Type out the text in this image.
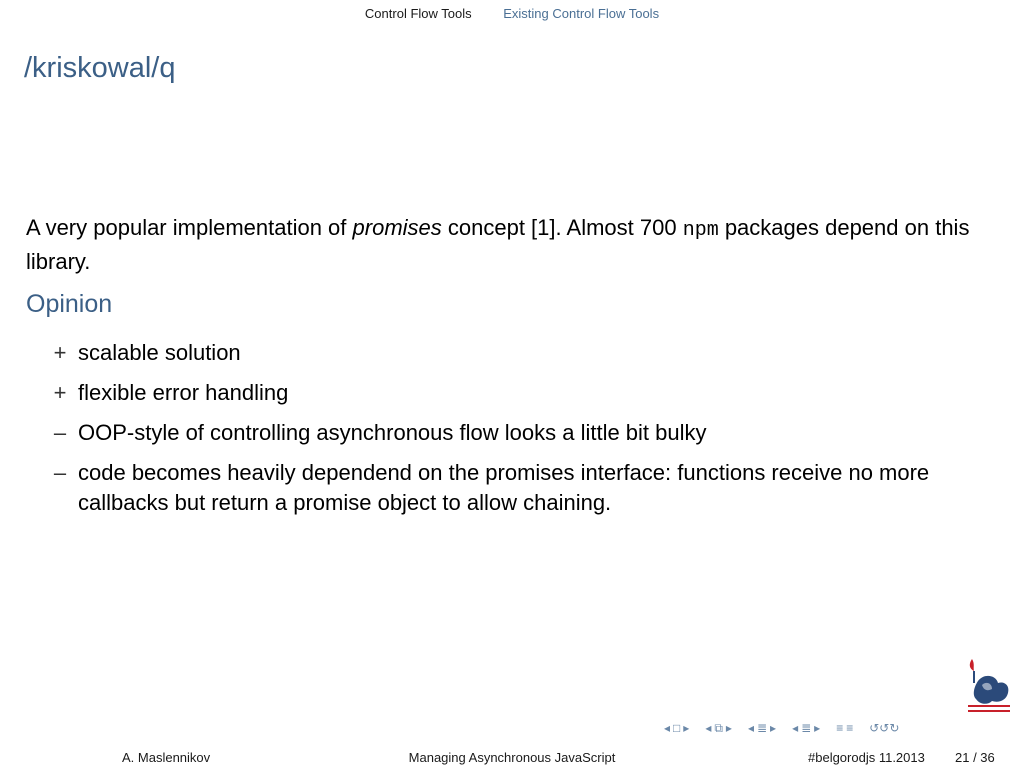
Control Flow Tools Existing Control Flow Tools
/kriskowal/q
A very popular implementation of promises concept [1]. Almost 700 npm packages depend on this library.
Opinion
+ scalable solution
+ flexible error handling
– OOP-style of controlling asynchronous flow looks a little bit bulky
– code becomes heavily dependend on the promises interface: functions receive no more callbacks but return a promise object to allow chaining.
◂ □ ▸ ◂ ⧉ ▸ ◂ ≣ ▸ ◂ ≣ ▸ ≡ ≡ ↺↺↻
A. Maslennikov	Managing Asynchronous JavaScript	#belgorodjs 11.2013 21 / 36
